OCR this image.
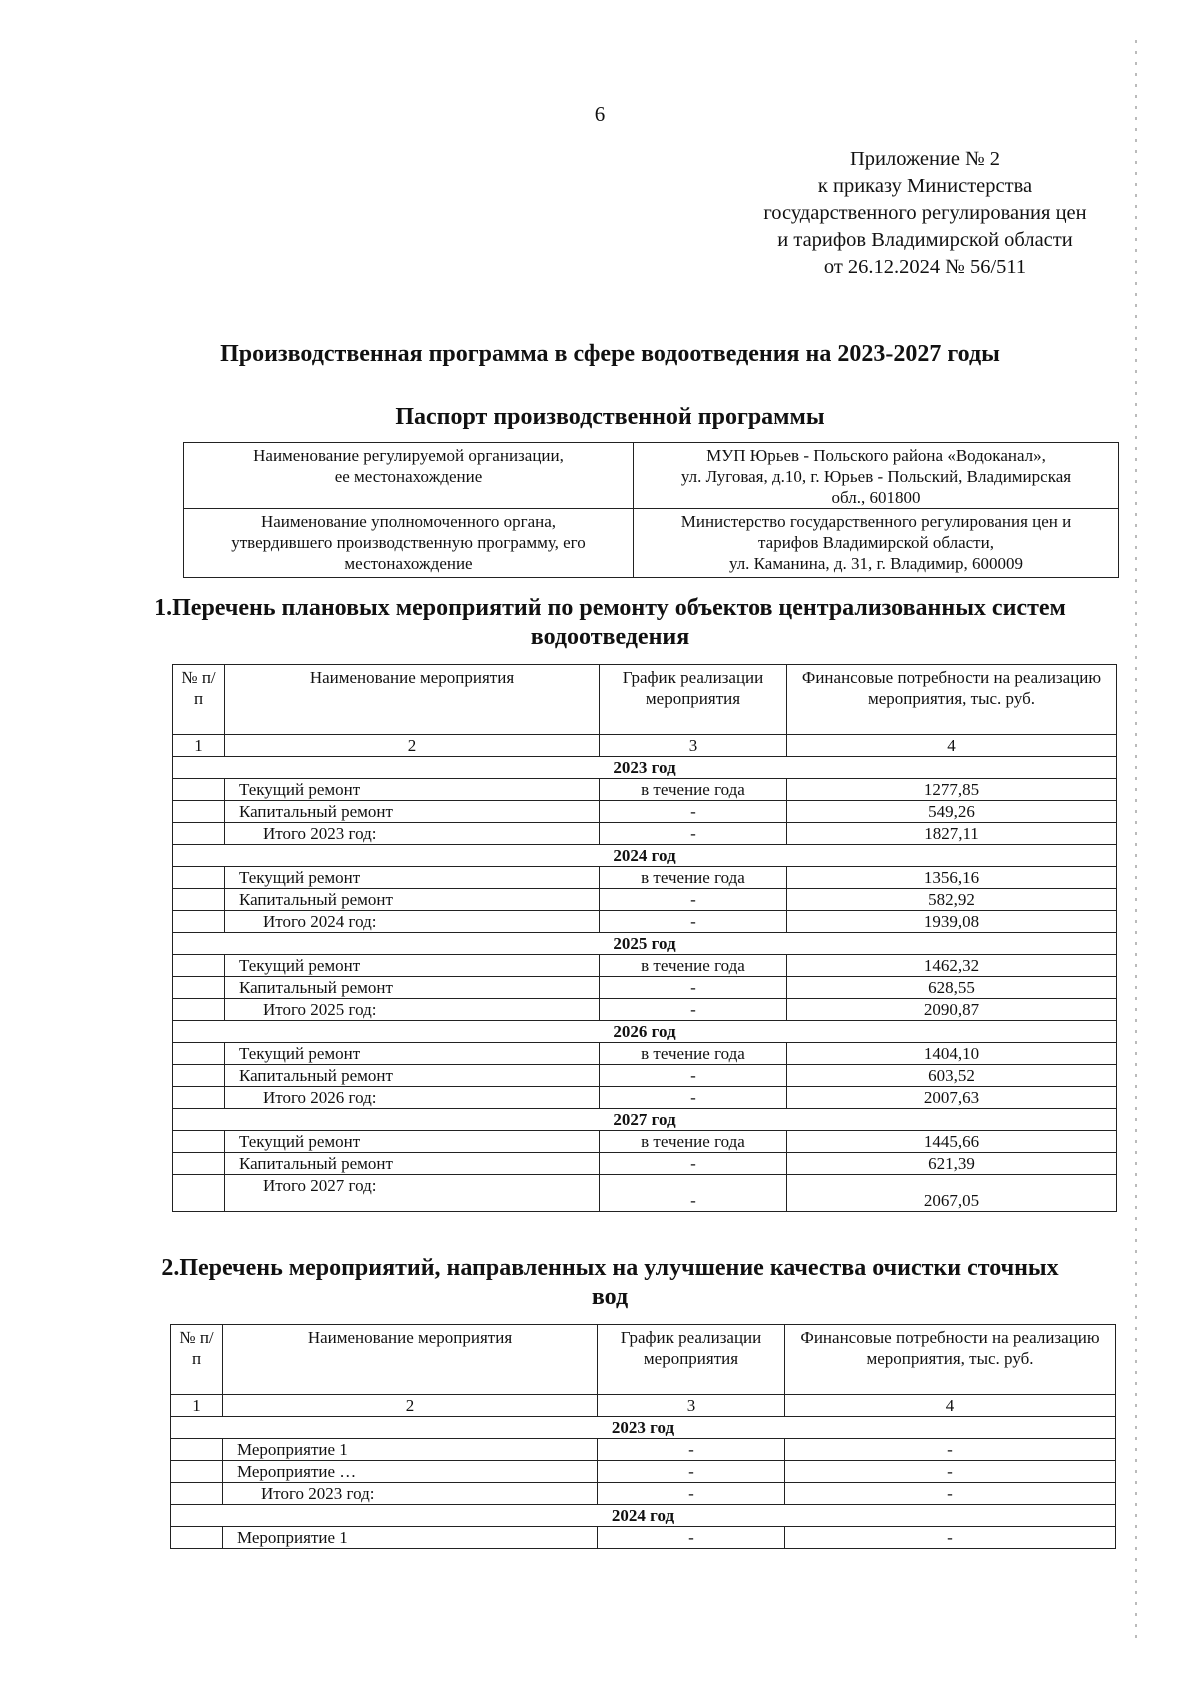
6
Приложение № 2
к приказу Министерства
государственного регулирования цен
и тарифов Владимирской области
от 26.12.2024 № 56/511
Производственная программа в сфере водоотведения на 2023-2027 годы
Паспорт производственной программы
Наименование регулируемой организации,
ее местонахождение	МУП Юрьев - Польского района «Водоканал»,
ул. Луговая, д.10, г. Юрьев - Польский, Владимирская
обл., 601800
Наименование уполномоченного органа,
утвердившего производственную программу, его
местонахождение	Министерство государственного регулирования цен и
тарифов Владимирской области,
ул. Каманина, д. 31, г. Владимир, 600009
1.Перечень плановых мероприятий по ремонту объектов централизованных систем водоотведения
№ п/п	Наименование мероприятия	График реализации мероприятия	Финансовые потребности на реализацию мероприятия, тыс. руб.
1	2	3	4
2023 год			
	Текущий ремонт	в течение года	1277,85
	Капитальный ремонт	-	549,26
	Итого 2023 год:	-	1827,11
2024 год			
	Текущий ремонт	в течение года	1356,16
	Капитальный ремонт	-	582,92
	Итого 2024 год:	-	1939,08
2025 год			
	Текущий ремонт	в течение года	1462,32
	Капитальный ремонт	-	628,55
	Итого 2025 год:	-	2090,87
2026 год			
	Текущий ремонт	в течение года	1404,10
	Капитальный ремонт	-	603,52
	Итого 2026 год:	-	2007,63
2027 год			
	Текущий ремонт	в течение года	1445,66
	Капитальный ремонт	-	621,39
	Итого 2027 год:	-	2067,05
2.Перечень мероприятий, направленных на улучшение качества очистки сточных вод
№ п/п	Наименование мероприятия	График реализации мероприятия	Финансовые потребности на реализацию мероприятия, тыс. руб.
1	2	3	4
2023 год			
	Мероприятие 1	-	-
	Мероприятие …	-	-
	Итого 2023 год:	-	-
2024 год			
	Мероприятие 1	-	-
